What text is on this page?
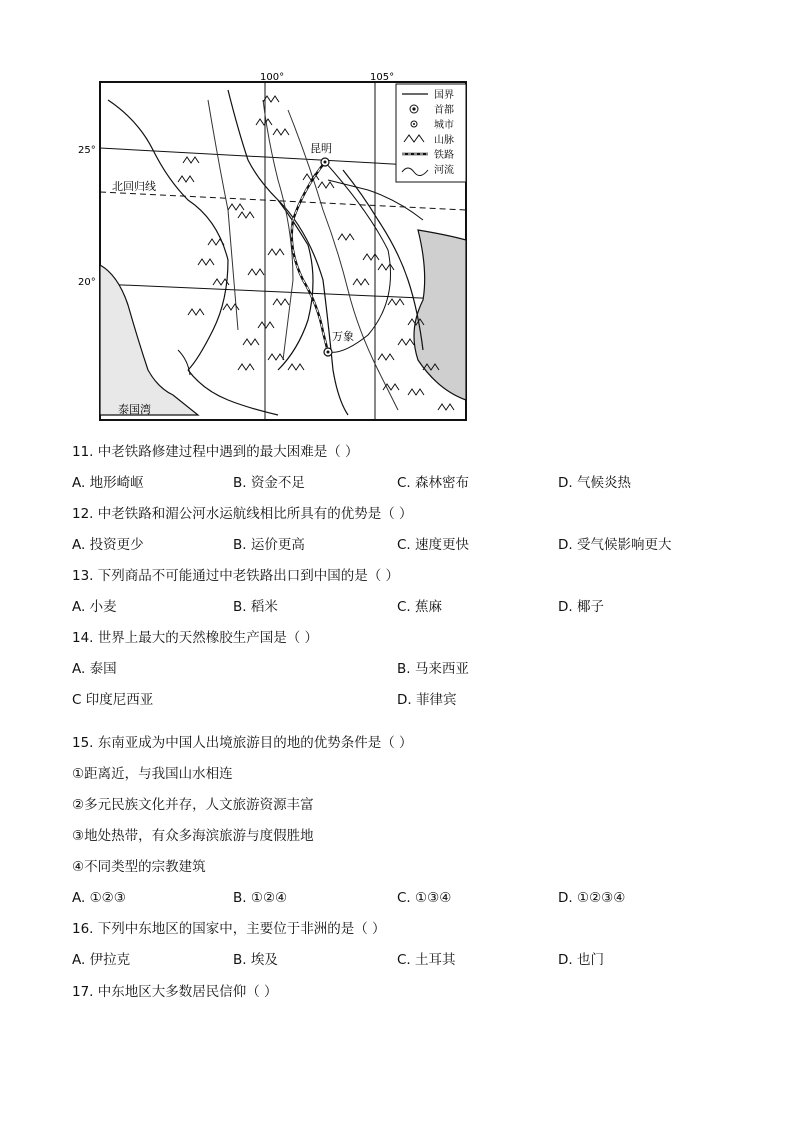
100°	105°
25°
20°
北回归线
昆明
万象
泰国湾
国界
首都
城市
山脉
铁路
河流
11. 中老铁路修建过程中遇到的最大困难是（ ）
A. 地形崎岖	B. 资金不足	C. 森林密布	D. 气候炎热
12. 中老铁路和湄公河水运航线相比所具有的优势是（ ）
A. 投资更少	B. 运价更高	C. 速度更快	D. 受气候影响更大
13. 下列商品不可能通过中老铁路出口到中国的是（ ）
A. 小麦	B. 稻米	C. 蕉麻	D. 椰子
14. 世界上最大的天然橡胶生产国是（ ）
A. 泰国	B. 马来西亚
C 印度尼西亚	D. 菲律宾
15. 东南亚成为中国人出境旅游目的地的优势条件是（ ）
①距离近，与我国山水相连
②多元民族文化并存，人文旅游资源丰富
③地处热带，有众多海滨旅游与度假胜地
④不同类型的宗教建筑
A. ①②③	B. ①②④	C. ①③④	D. ①②③④
16. 下列中东地区的国家中，主要位于非洲的是（ ）
A. 伊拉克	B. 埃及	C. 土耳其	D. 也门
17. 中东地区大多数居民信仰（ ）
